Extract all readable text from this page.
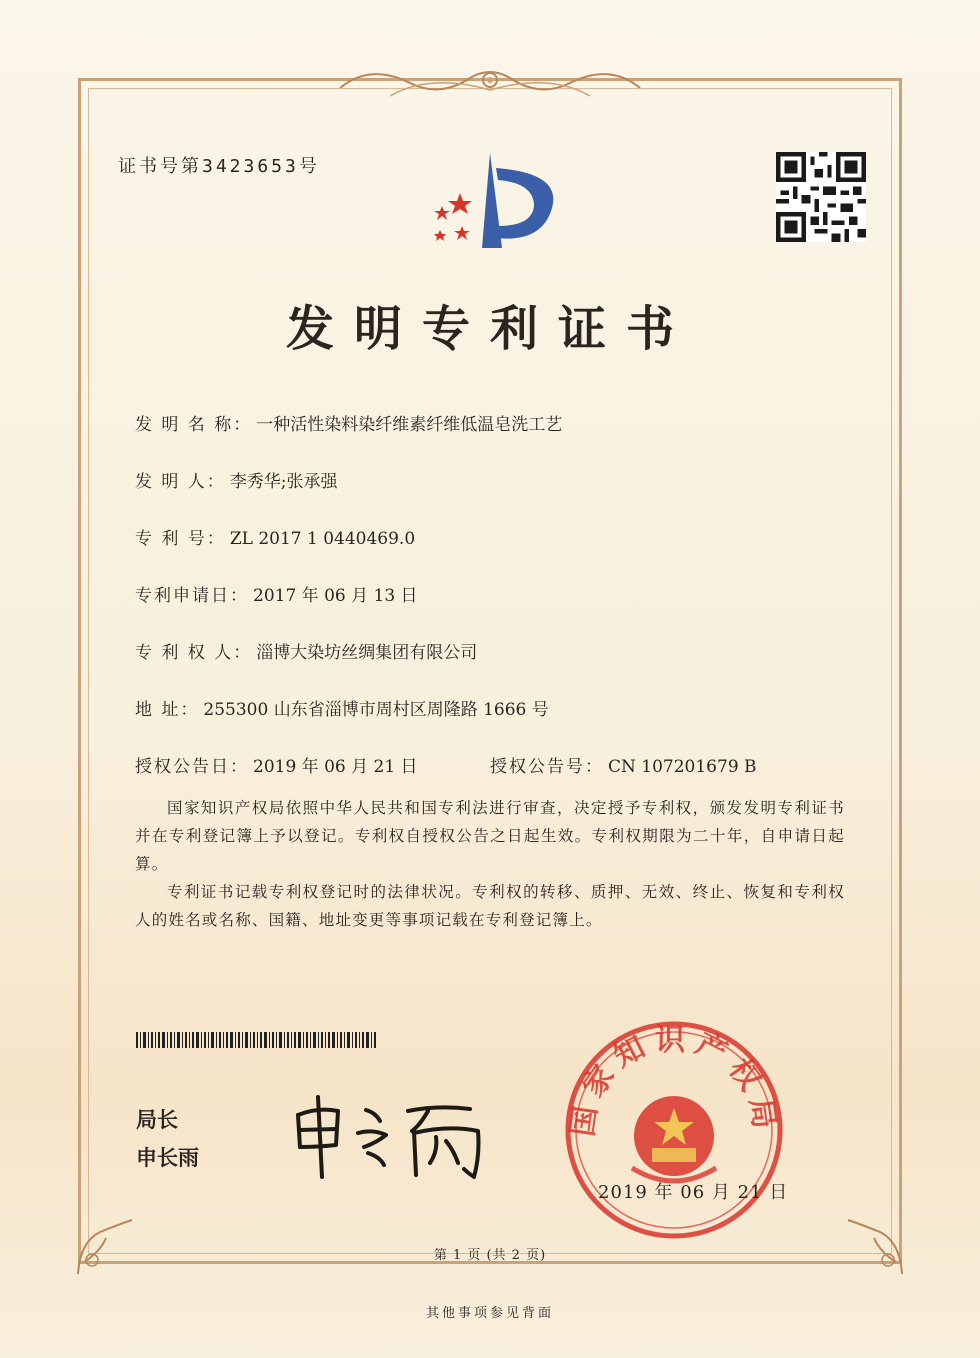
证书号第3423653号
发明专利证书
发 明 名 称： 一种活性染料染纤维素纤维低温皂洗工艺
发 明 人： 李秀华;张承强
专 利 号： ZL 2017 1 0440469.0
专利申请日： 2017 年 06 月 13 日
专 利 权 人： 淄博大染坊丝绸集团有限公司
地 址： 255300 山东省淄博市周村区周隆路 1666 号
授权公告日： 2019 年 06 月 21 日	授权公告号： CN 107201679 B
国家知识产权局依照中华人民共和国专利法进行审查，决定授予专利权，颁发发明专利证书并在专利登记簿上予以登记。专利权自授权公告之日起生效。专利权期限为二十年，自申请日起算。
专利证书记载专利权登记时的法律状况。专利权的转移、质押、无效、终止、恢复和专利权人的姓名或名称、国籍、地址变更等事项记载在专利登记簿上。
局长
申长雨
国家知识产权局
2019 年 06 月 21 日
第 1 页 (共 2 页)
其他事项参见背面
